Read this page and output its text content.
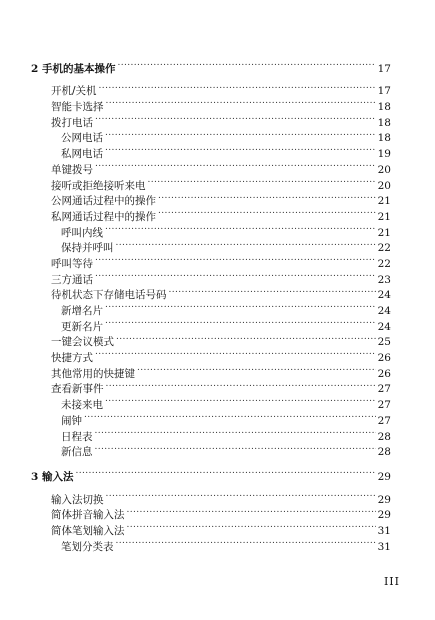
2 手机的基本操作 .....	17
开机/关机 .....	17
智能卡选择 .....	18
拨打电话 .....	18
公网电话 .....	18
私网电话 .....	19
单键拨号 .....	20
接听或拒绝接听来电 .....	20
公网通话过程中的操作 .....	21
私网通话过程中的操作 .....	21
呼叫内线 .....	21
保持并呼叫 .....	22
呼叫等待 .....	22
三方通话 .....	23
待机状态下存储电话号码 .....	24
新增名片 .....	24
更新名片 .....	24
一键会议模式 .....	25
快捷方式 .....	26
其他常用的快捷键 .....	26
查看新事件 .....	27
未接来电 .....	27
闹钟 .....	27
日程表 .....	28
新信息 .....	28
3 输入法 .....	29
输入法切换 .....	29
简体拼音输入法 .....	29
简体笔划输入法 .....	31
笔划分类表 .....	31
III
